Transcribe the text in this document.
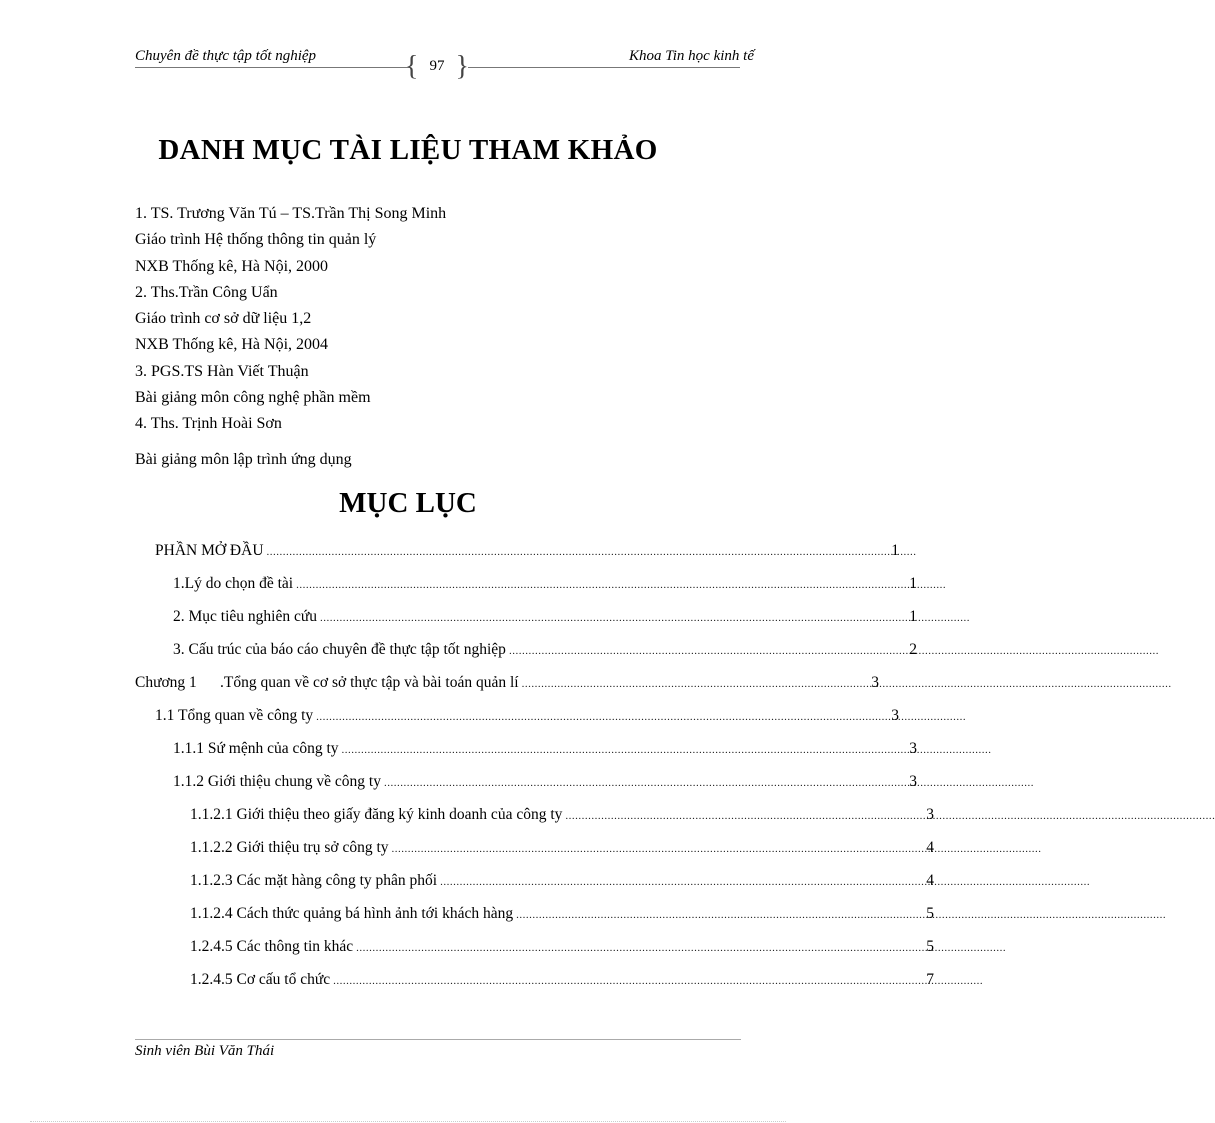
Chuyên đề thực tập tốt nghiệp	{ 97 }	Khoa Tin học kinh tế
DANH MỤC TÀI LIỆU THAM KHẢO
1. TS. Trương Văn Tú – TS.Trần Thị Song Minh
Giáo trình Hệ thống thông tin quản lý
NXB Thống kê, Hà Nội, 2000
2. Ths.Trần Công Uẩn
Giáo trình cơ sở dữ liệu 1,2
NXB Thống kê, Hà Nội, 2004
3. PGS.TS Hàn Viết Thuận
Bài giảng môn công nghệ phần mềm
4. Ths. Trịnh Hoài Sơn
Bài giảng môn lập trình ứng dụng
MỤC LỤC
PHẦN MỞ ĐẦU .....	1
1.Lý do chọn đề tài .....	1
2. Mục tiêu nghiên cứu .....	1
3. Cấu trúc của báo cáo chuyên đề thực tập tốt nghiệp .....	2
Chương 1      .Tổng quan về cơ sở thực tập và bài toán quản lí .....	3
1.1 Tổng quan về công ty .....	3
1.1.1 Sứ mệnh của công ty .....	3
1.1.2 Giới thiệu chung về công ty .....	3
1.1.2.1 Giới thiệu theo giấy đăng ký kinh doanh của công ty .....	3
1.1.2.2 Giới thiệu trụ sở công ty .....	4
1.1.2.3 Các mặt hàng công ty phân phối .....	4
1.1.2.4 Cách thức quảng bá hình ảnh tới khách hàng .....	5
1.2.4.5 Các thông tin khác .....	5
1.2.4.5 Cơ cấu tổ chức .....	7
Sinh viên Bùi Văn Thái
